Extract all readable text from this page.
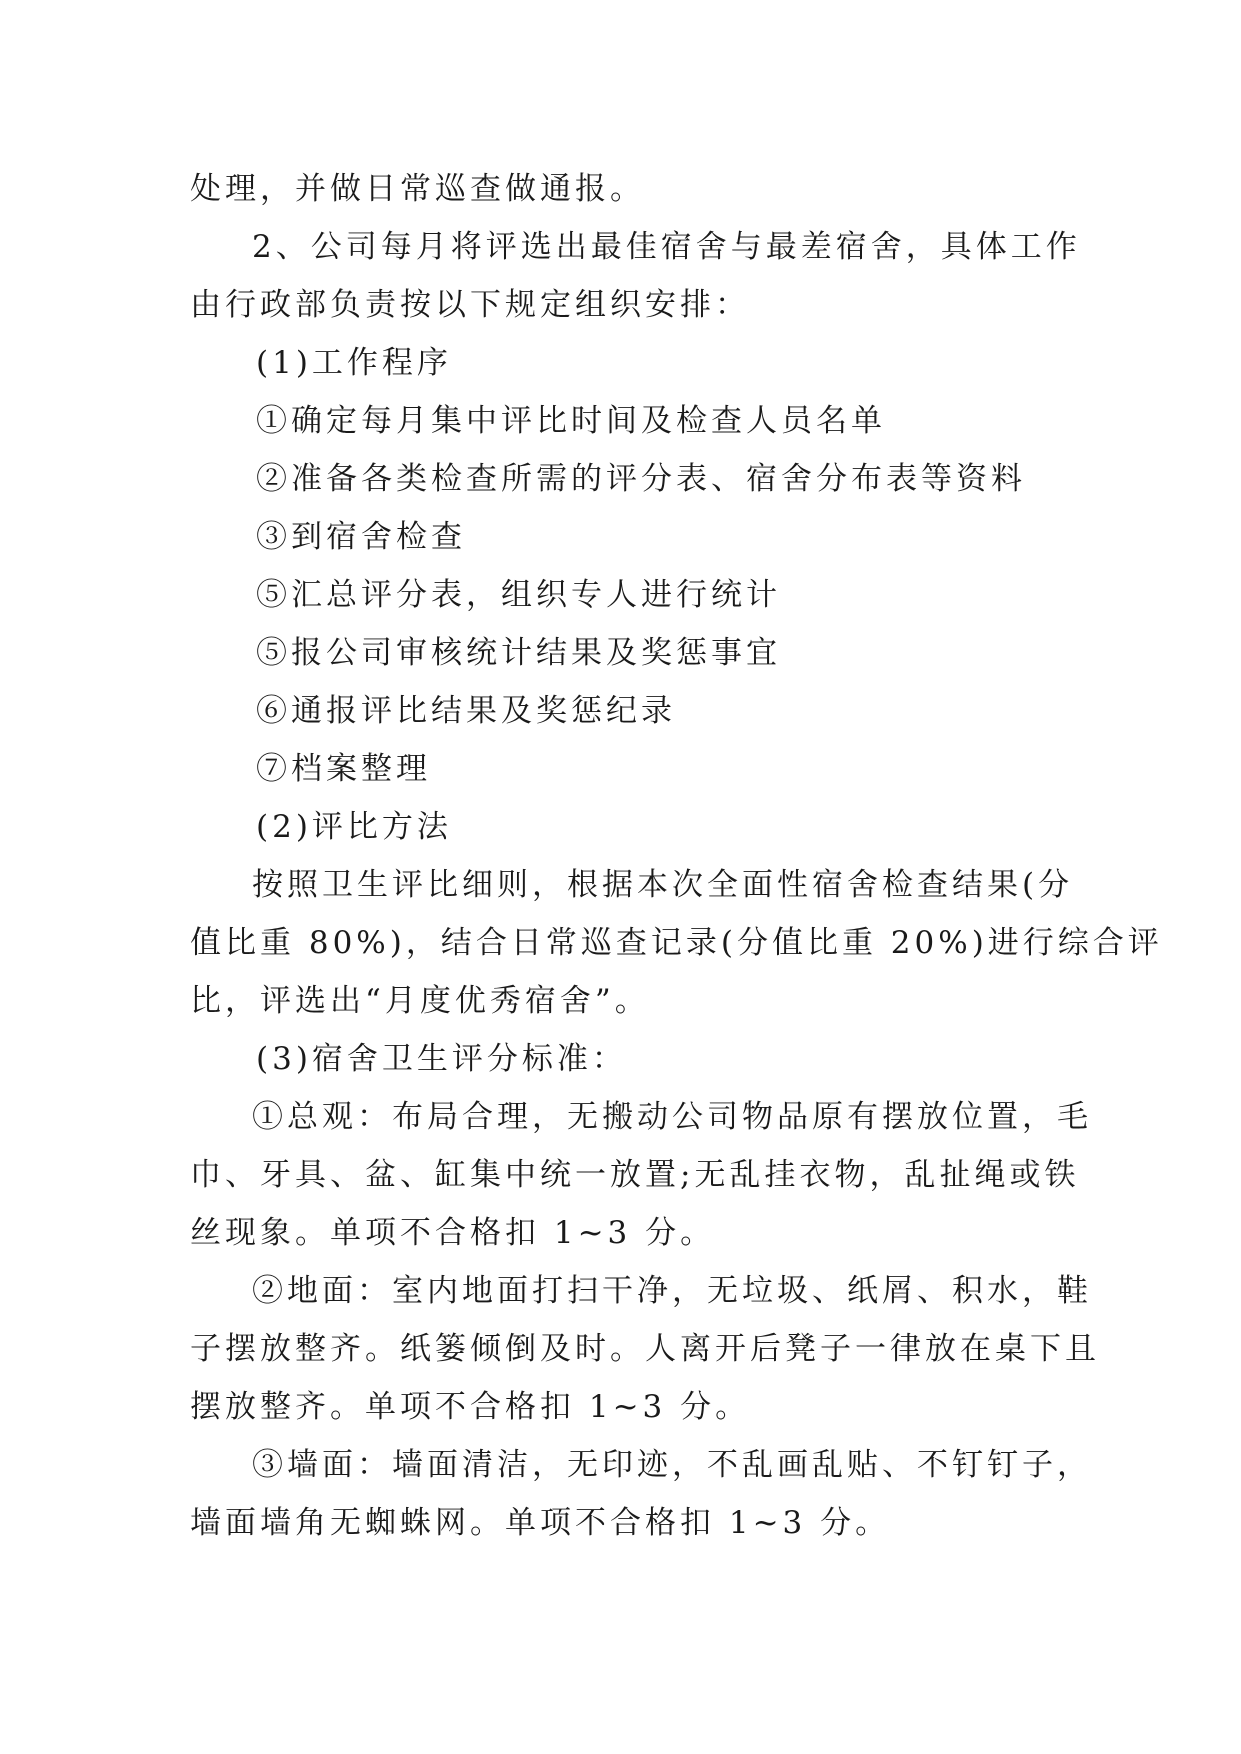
处理，并做日常巡查做通报。

2、公司每月将评选出最佳宿舍与最差宿舍，具体工作

由行政部负责按以下规定组织安排：

(1)工作程序

①确定每月集中评比时间及检查人员名单

②准备各类检查所需的评分表、宿舍分布表等资料

③到宿舍检查

⑤汇总评分表，组织专人进行统计

⑤报公司审核统计结果及奖惩事宜

⑥通报评比结果及奖惩纪录

⑦档案整理

(2)评比方法

按照卫生评比细则，根据本次全面性宿舍检查结果(分

值比重 80%)，结合日常巡查记录(分值比重 20%)进行综合评

比，评选出“月度优秀宿舍”。

(3)宿舍卫生评分标准：

①总观：布局合理，无搬动公司物品原有摆放位置，毛

巾、牙具、盆、缸集中统一放置;无乱挂衣物，乱扯绳或铁

丝现象。单项不合格扣 1~3 分。

②地面：室内地面打扫干净，无垃圾、纸屑、积水，鞋

子摆放整齐。纸篓倾倒及时。人离开后凳子一律放在桌下且

摆放整齐。单项不合格扣 1~3 分。

③墙面：墙面清洁，无印迹，不乱画乱贴、不钉钉子，

墙面墙角无蜘蛛网。单项不合格扣 1~3 分。
